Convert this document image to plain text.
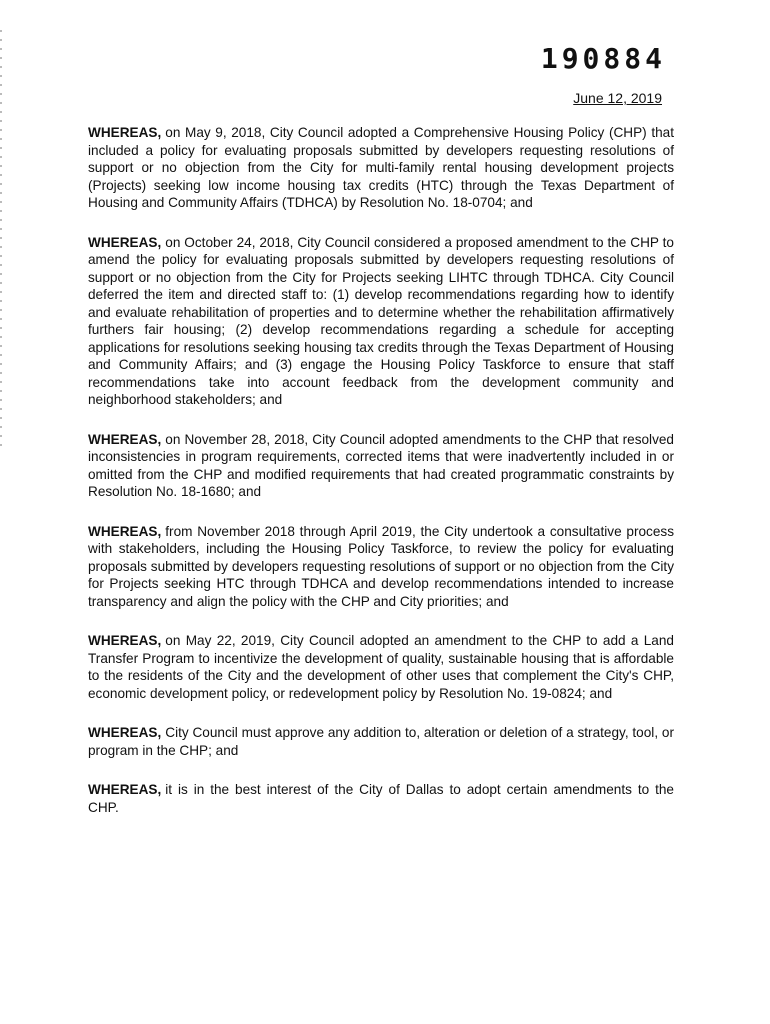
190884
June 12, 2019

WHEREAS, on May 9, 2018, City Council adopted a Comprehensive Housing Policy (CHP) that included a policy for evaluating proposals submitted by developers requesting resolutions of support or no objection from the City for multi-family rental housing development projects (Projects) seeking low income housing tax credits (HTC) through the Texas Department of Housing and Community Affairs (TDHCA) by Resolution No. 18-0704; and

WHEREAS, on October 24, 2018, City Council considered a proposed amendment to the CHP to amend the policy for evaluating proposals submitted by developers requesting resolutions of support or no objection from the City for Projects seeking LIHTC through TDHCA. City Council deferred the item and directed staff to: (1) develop recommendations regarding how to identify and evaluate rehabilitation of properties and to determine whether the rehabilitation affirmatively furthers fair housing; (2) develop recommendations regarding a schedule for accepting applications for resolutions seeking housing tax credits through the Texas Department of Housing and Community Affairs; and (3) engage the Housing Policy Taskforce to ensure that staff recommendations take into account feedback from the development community and neighborhood stakeholders; and

WHEREAS, on November 28, 2018, City Council adopted amendments to the CHP that resolved inconsistencies in program requirements, corrected items that were inadvertently included in or omitted from the CHP and modified requirements that had created programmatic constraints by Resolution No. 18-1680; and

WHEREAS, from November 2018 through April 2019, the City undertook a consultative process with stakeholders, including the Housing Policy Taskforce, to review the policy for evaluating proposals submitted by developers requesting resolutions of support or no objection from the City for Projects seeking HTC through TDHCA and develop recommendations intended to increase transparency and align the policy with the CHP and City priorities; and

WHEREAS, on May 22, 2019, City Council adopted an amendment to the CHP to add a Land Transfer Program to incentivize the development of quality, sustainable housing that is affordable to the residents of the City and the development of other uses that complement the City's CHP, economic development policy, or redevelopment policy by Resolution No. 19-0824; and

WHEREAS, City Council must approve any addition to, alteration or deletion of a strategy, tool, or program in the CHP; and

WHEREAS, it is in the best interest of the City of Dallas to adopt certain amendments to the CHP.
